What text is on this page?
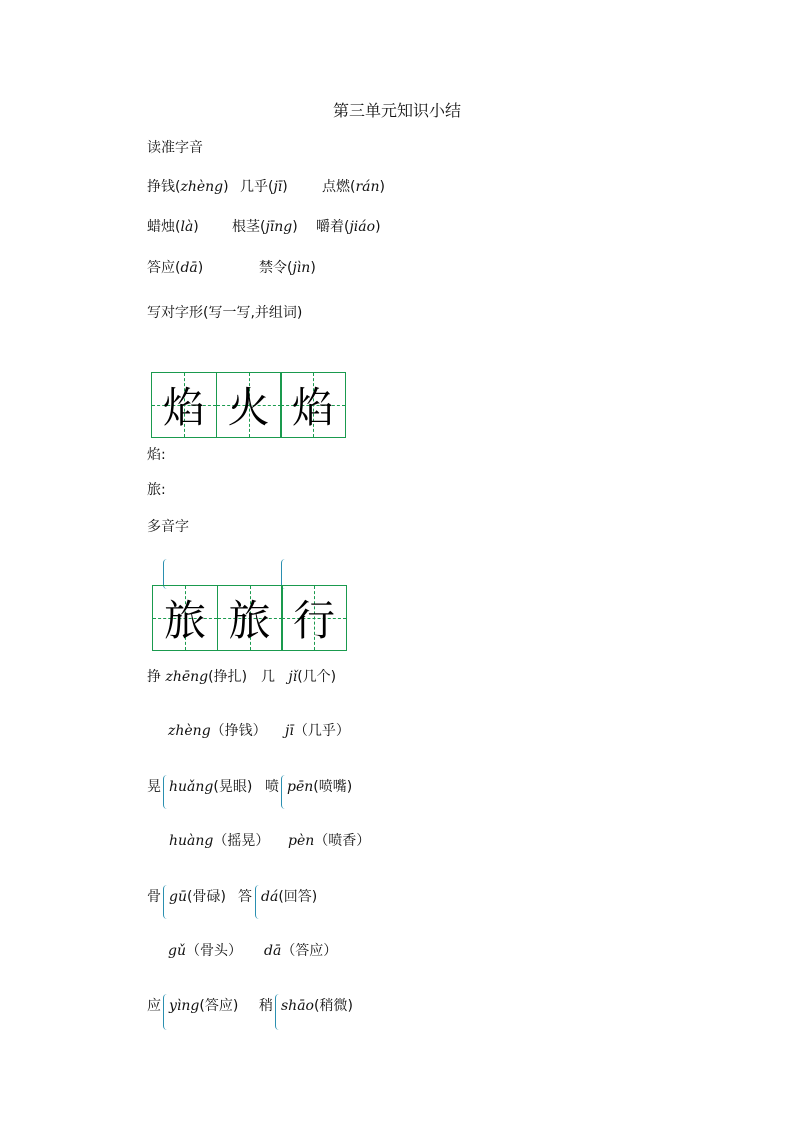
第三单元知识小结
读准字音
挣钱(zhèng) 几乎(jī) 点燃(rán)
蜡烛(là) 根茎(jīng) 嚼着(jiáo)
答应(dā)	禁令(jìn)
写对字形(写一写,并组词)
焰 火 焰
焰:
旅:
多音字
旅 旅 行
挣 zhēng(挣扎) 几 jǐ(几个)
zhèng（挣钱） jī（几乎）
晃 huǎng(晃眼) 喷 pēn(喷嘴)
huàng（摇晃） pèn（喷香）
骨 gū(骨碌) 答 dá(回答)
gǔ（骨头） dā（答应）
应 yìng(答应) 稍 shāo(稍微)
